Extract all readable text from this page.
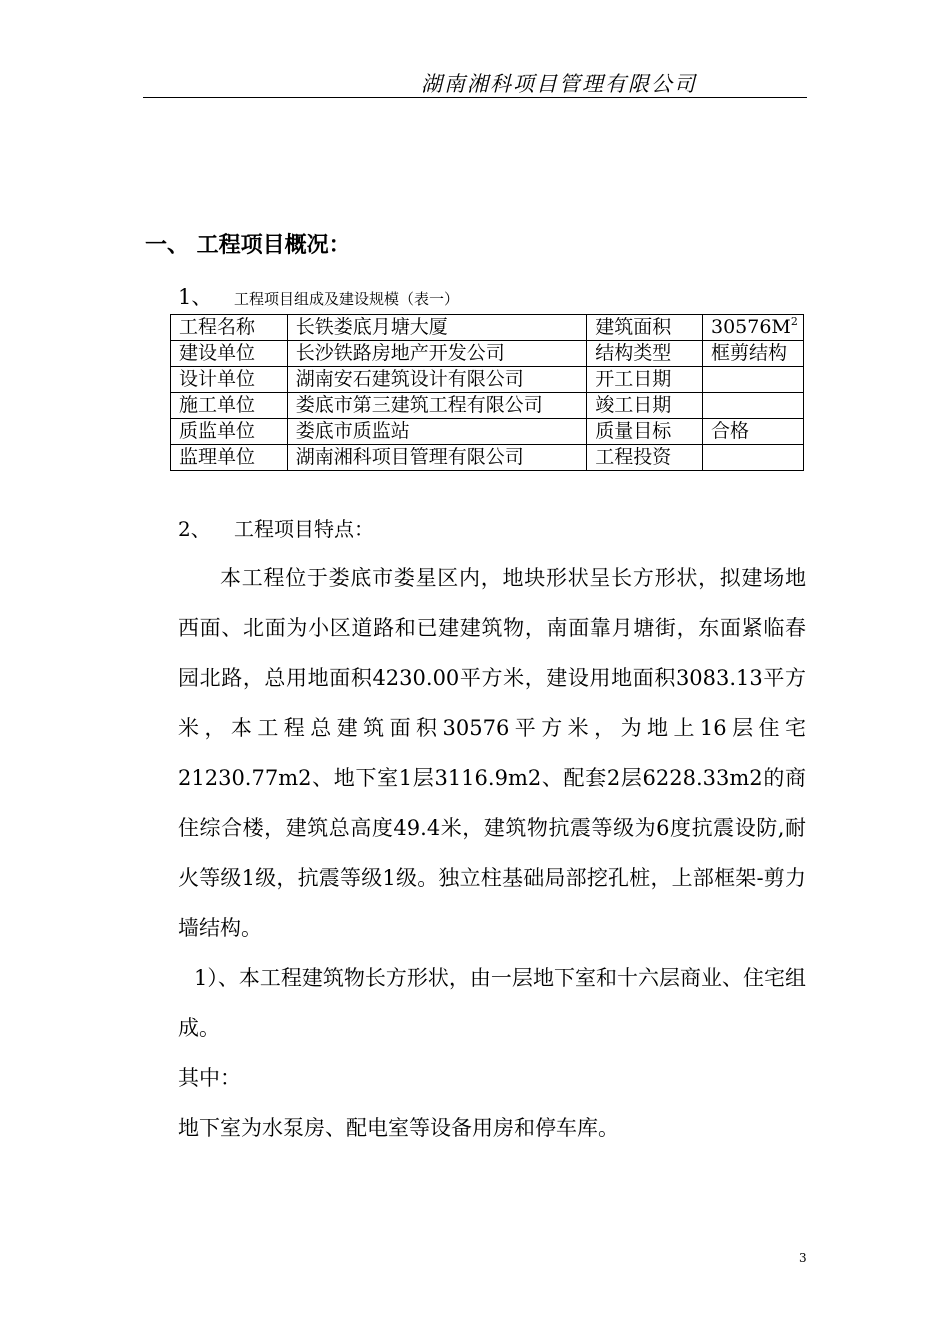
湖南湘科项目管理有限公司
一、 工程项目概况：
1、 工程项目组成及建设规模（表一）
工程名称	长铁娄底月塘大厦	建筑面积	$30576M^2$
建设单位	长沙铁路房地产开发公司	结构类型	框剪结构
设计单位	湖南安石建筑设计有限公司	开工日期	
施工单位	娄底市第三建筑工程有限公司	竣工日期	
质监单位	娄底市质监站	质量目标	合格
监理单位	湖南湘科项目管理有限公司	工程投资	
2、 工程项目特点：

本工程位于娄底市娄星区内，地块形状呈长方形状，拟建场地西面、北面为小区道路和已建建筑物，南面靠月塘街，东面紧临春园北路，总用地面积4230.00平方米，建设用地面积3083.13平方米，本工程总建筑面积30576平方米，为地上16层住宅21230.77m2、地下室1层3116.9m2、配套2层6228.33m2的商住综合楼，建筑总高度49.4米，建筑物抗震等级为6度抗震设防,耐火等级1级，抗震等级1级。独立柱基础局部挖孔桩，上部框架-剪力墙结构。

1）、本工程建筑物长方形状，由一层地下室和十六层商业、住宅组成。

其中：

地下室为水泵房、配电室等设备用房和停车库。

3
